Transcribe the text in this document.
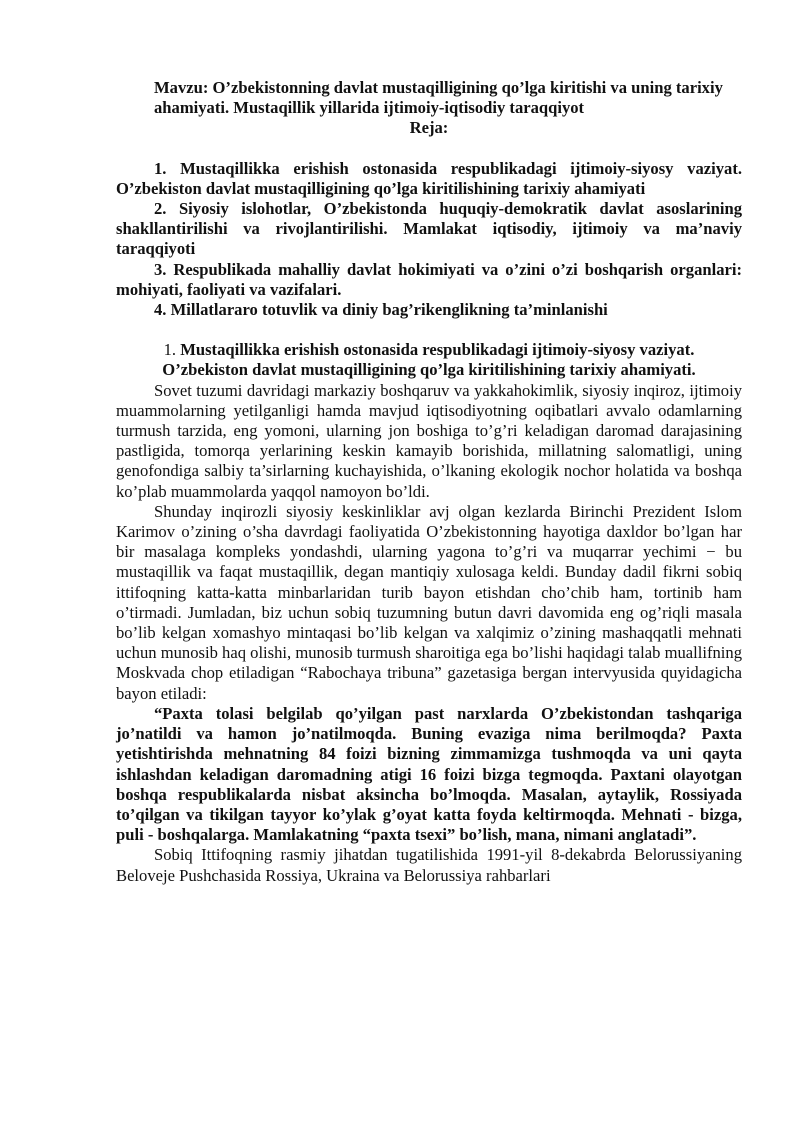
Mavzu: O’zbekistonning davlat mustaqilligining qo’lga kiritishi va uning tarixiy ahamiyati. Mustaqillik yillarida ijtimoiy-iqtisodiy taraqqiyot

Reja:

1. Mustaqillikka erishish ostonasida respublikadagi ijtimoiy-siyosy vaziyat. O’zbekiston davlat mustaqilligining qo’lga kiritilishining tarixiy ahamiyati

2. Siyosiy islohotlar, O’zbekistonda huquqiy-demokratik davlat asoslarining shakllantirilishi va rivojlantirilishi. Mamlakat iqtisodiy, ijtimoiy va ma’naviy taraqqiyoti

3. Respublikada mahalliy davlat hokimiyati va o’zini o’zi boshqarish organlari: mohiyati, faoliyati va vazifalari.

4. Millatlararo totuvlik va diniy bag’rikenglikning ta’minlanishi

1. Mustaqillikka erishish ostonasida respublikadagi ijtimoiy-siyosy vaziyat. O’zbekiston davlat mustaqilligining qo’lga kiritilishining tarixiy ahamiyati.

Sovet tuzumi davridagi markaziy boshqaruv va yakkahokimlik, siyosiy inqiroz, ijtimoiy muammolarning yetilganligi hamda mavjud iqtisodiyotning oqibatlari avvalo odamlarning turmush tarzida, eng yomoni, ularning jon boshiga to’g’ri keladigan daromad darajasining pastligida, tomorqa yerlarining keskin kamayib borishida, millatning salomatligi, uning genofondiga salbiy ta’sirlarning kuchayishida, o’lkaning ekologik nochor holatida va boshqa ko’plab muammolarda yaqqol namoyon bo’ldi.

Shunday inqirozli siyosiy keskinliklar avj olgan kezlarda Birinchi Prezident Islom Karimov o’zining o’sha davrdagi faoliyatida O’zbekistonning hayotiga daxldor bo’lgan har bir masalaga kompleks yondashdi, ularning yagona to’g’ri va muqarrar yechimi − bu mustaqillik va faqat mustaqillik, degan mantiqiy xulosaga keldi. Bunday dadil fikrni sobiq ittifoqning katta-katta minbarlaridan turib bayon etishdan cho’chib ham, tortinib ham o’tirmadi. Jumladan, biz uchun sobiq tuzumning butun davri davomida eng og’riqli masala bo’lib kelgan xomashyo mintaqasi bo’lib kelgan va xalqimiz o’zining mashaqqatli mehnati uchun munosib haq olishi, munosib turmush sharoitiga ega bo’lishi haqidagi talab muallifning Moskvada chop etiladigan “Rabochaya tribuna” gazetasiga bergan intervyusida quyidagicha bayon etiladi:

“Paxta tolasi belgilab qo’yilgan past narxlarda O’zbekistondan tashqariga jo’natildi va hamon jo’natilmoqda. Buning evaziga nima berilmoqda? Paxta yetishtirishda mehnatning 84 foizi bizning zimmamizga tushmoqda va uni qayta ishlashdan keladigan daromadning atigi 16 foizi bizga tegmoqda. Paxtani olayotgan boshqa respublikalarda nisbat aksincha bo’lmoqda. Masalan, aytaylik, Rossiyada to’qilgan va tikilgan tayyor ko’ylak g’oyat katta foyda keltirmoqda. Mehnati - bizga, puli - boshqalarga. Mamlakatning “paxta tsexi” bo’lish, mana, nimani anglatadi”.

Sobiq Ittifoqning rasmiy jihatdan tugatilishida 1991-yil 8-dekabrda Belorussiyaning Beloveje Pushchasida Rossiya, Ukraina va Belorussiya rahbarlari
